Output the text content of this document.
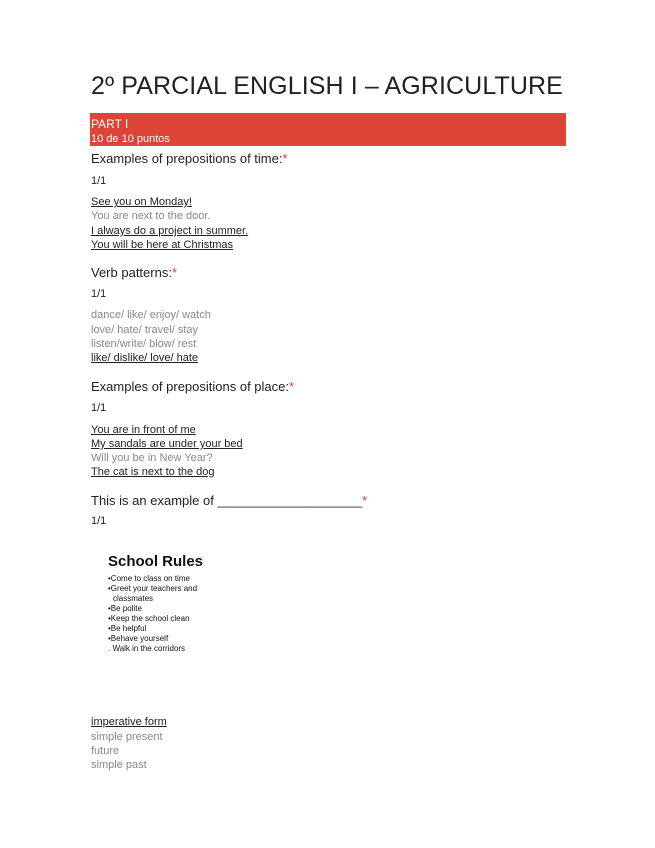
2º PARCIAL ENGLISH I – AGRICULTURE
PART I
10 de 10 puntos
Examples of prepositions of time:*
1/1
See you on Monday!
You are next to the door.
I always do a project in summer.
You will be here at Christmas
Verb patterns:*
1/1
dance/ like/ enjoy/ watch
love/ hate/ travel/ stay
listen/write/ blow/ rest
like/ dislike/ love/ hate
Examples of prepositions of place:*
1/1
You are in front of me
My sandals are under your bed
Will you be in New Year?
The cat is next to the dog
This is an example of ____________________*
1/1
School Rules
•Come to class on time
•Greet your teachers and
classmates
•Be polite
•Keep the school clean
•Be helpful
•Behave yourself
. Walk in the corridors
imperative form
simple present
future
simple past
